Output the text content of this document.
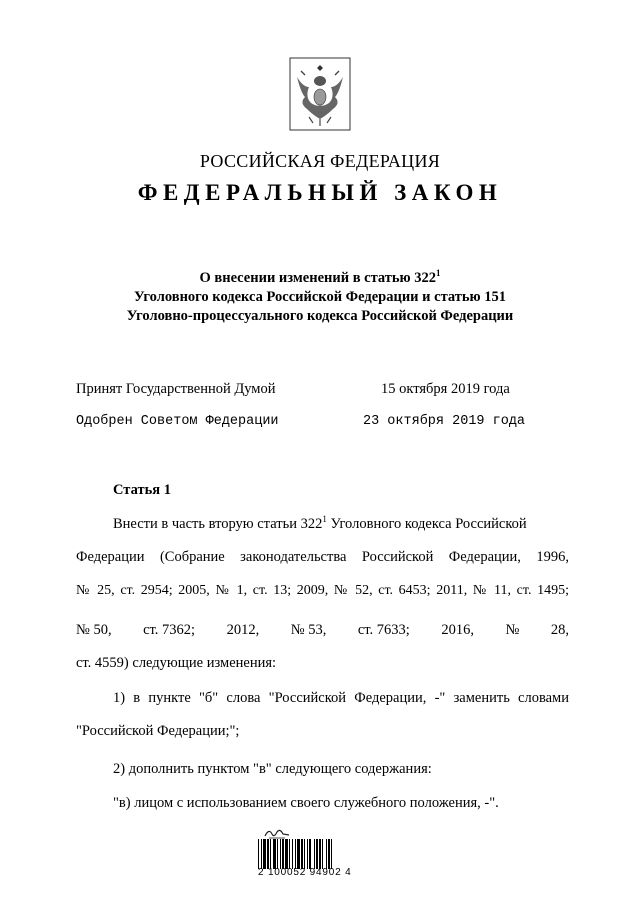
РОССИЙСКАЯ ФЕДЕРАЦИЯ
ФЕДЕРАЛЬНЫЙ ЗАКОН
О внесении изменений в статью $322^1$
Уголовного кодекса Российской Федерации и статью 151
Уголовно-процессуального кодекса Российской Федерации
Принят Государственной Думой	15 октября 2019 года
Одобрен Советом Федерации	23 октября 2019 года
Статья 1
Внести в часть вторую статьи $322^1$ Уголовного кодекса Российской
Федерации (Собрание законодательства Российской Федерации, 1996,
№ 25, ст. 2954; 2005, № 1, ст. 13; 2009, № 52, ст. 6453; 2011, № 11, ст. 1495;
№ 50, ст. 7362; 2012, № 53, ст. 7633; 2016, № 28,
ст. 4559) следующие изменения:
1) в пункте "б" слова "Российской Федерации, -" заменить словами
"Российской Федерации;";
2) дополнить пунктом "в" следующего содержания:
"в) лицом с использованием своего служебного положения, -".
2 100052 94902 4
